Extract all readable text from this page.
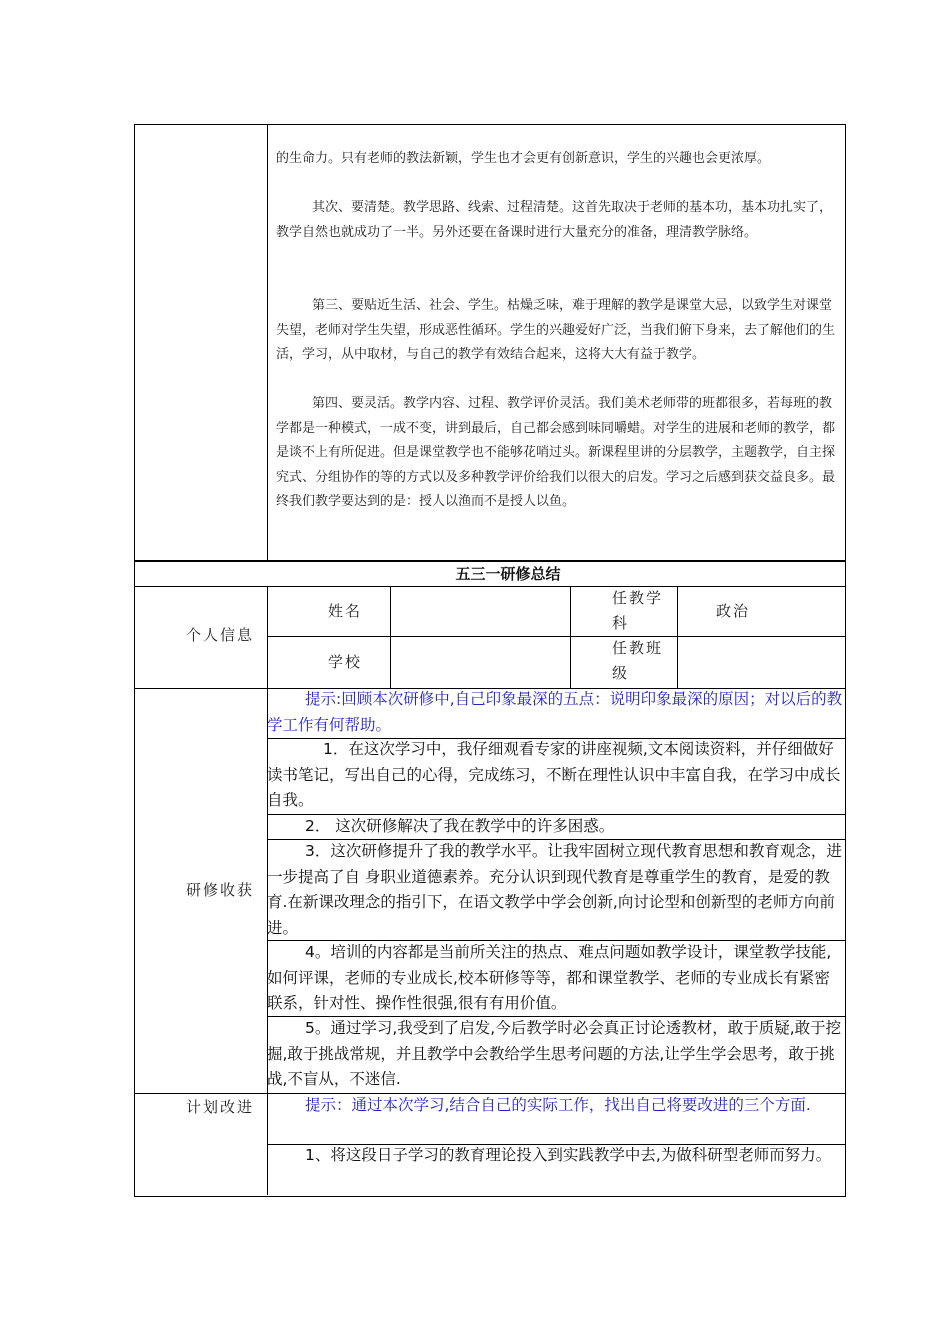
的生命力。只有老师的教法新颖，学生也才会更有创新意识，学生的兴趣也会更浓厚。
其次、要清楚。教学思路、线索、过程清楚。这首先取决于老师的基本功，基本功扎实了，教学自然也就成功了一半。另外还要在备课时进行大量充分的准备，理清教学脉络。
第三、要贴近生活、社会、学生。枯燥乏味，难于理解的教学是课堂大忌，以致学生对课堂失望，老师对学生失望，形成恶性循环。学生的兴趣爱好广泛，当我们俯下身来，去了解他们的生活，学习，从中取材，与自己的教学有效结合起来，这将大大有益于教学。
第四、要灵活。教学内容、过程、教学评价灵活。我们美术老师带的班都很多，若每班的教学都是一种模式，一成不变，讲到最后，自己都会感到味同嚼蜡。对学生的进展和老师的教学，都是谈不上有所促进。但是课堂教学也不能够花哨过头。新课程里讲的分层教学，主题教学，自主探究式、分组协作的等的方式以及多种教学评价给我们以很大的启发。学习之后感到获交益良多。最终我们教学要达到的是：授人以渔而不是授人以鱼。
五三一研修总结
个人信息
姓名
任教学科
政治
学校
任教班级
研修收获
提示:回顾本次研修中,自己印象最深的五点：说明印象最深的原因；对以后的教学工作有何帮助。
1．在这次学习中，我仔细观看专家的讲座视频,文本阅读资料，并仔细做好读书笔记，写出自己的心得，完成练习，不断在理性认识中丰富自我，在学习中成长自我。
2． 这次研修解决了我在教学中的许多困惑。
3．这次研修提升了我的教学水平。让我牢固树立现代教育思想和教育观念，进一步提高了自 身职业道德素养。充分认识到现代教育是尊重学生的教育，是爱的教育.在新课改理念的指引下，在语文教学中学会创新,向讨论型和创新型的老师方向前进。
4。培训的内容都是当前所关注的热点、难点问题如教学设计，课堂教学技能,如何评课，老师的专业成长,校本研修等等，都和课堂教学、老师的专业成长有紧密联系，针对性、操作性很强,很有有用价值。
5。通过学习,我受到了启发,今后教学时必会真正讨论透教材，敢于质疑,敢于挖掘,敢于挑战常规，并且教学中会教给学生思考问题的方法,让学生学会思考，敢于挑战,不盲从，不迷信.
计划改进	提示：通过本次学习,结合自己的实际工作，找出自己将要改进的三个方面.
1、将这段日子学习的教育理论投入到实践教学中去,为做科研型老师而努力。
